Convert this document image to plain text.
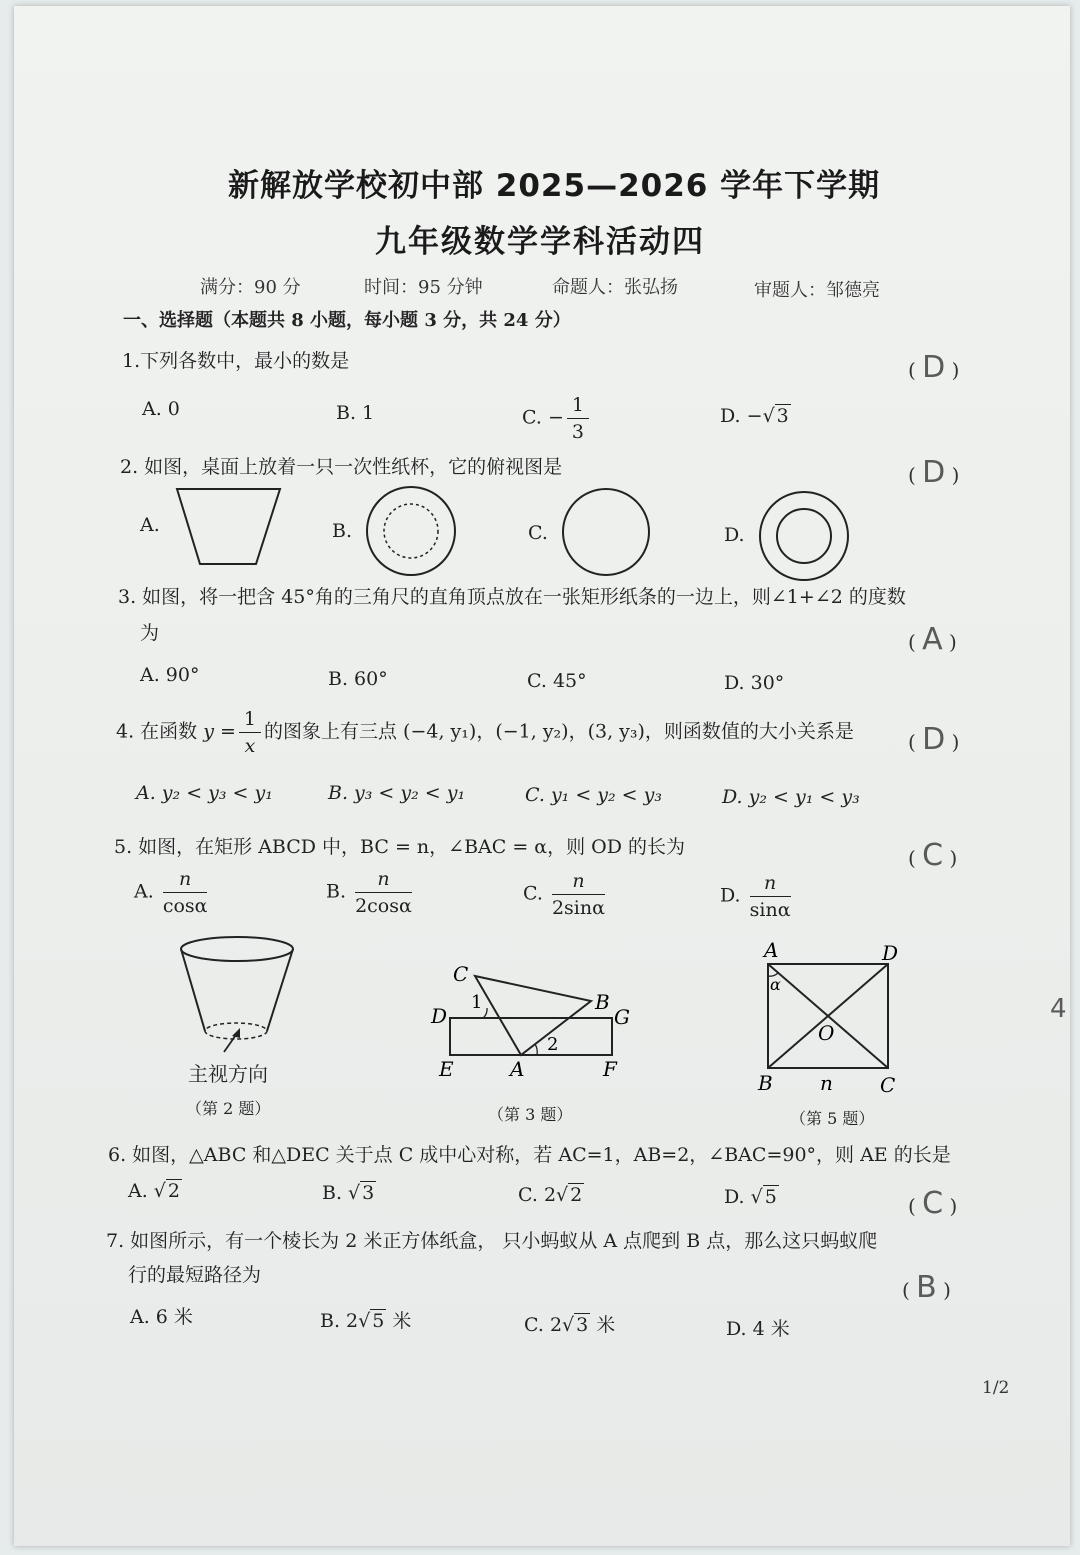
新解放学校初中部 2025—2026 学年下学期
九年级数学学科活动四
满分：90 分	时间：95 分钟	命题人：张弘扬	审题人：邹德亮
一、选择题（本题共 8 小题，每小题 3 分，共 24 分）
1.下列各数中，最小的数是	( D )
A. 0	B. 1	C. − $\frac{1}{3}$	D. −√ 3
2. 如图，桌面上放着一只一次性纸杯，它的俯视图是	( D )
A.	B.	C.	D.
3. 如图，将一把含 45°角的三角尺的直角顶点放在一张矩形纸条的一边上，则∠1+∠2 的度数
为	( A )
A. 90°	B. 60°	C. 45°	D. 30°
4. 在函数 $y = \frac{1}{x}$ 的图象上有三点 (−4, y₁)，(−1, y₂)，(3, y₃)，则函数值的大小关系是	( D )
A. y₂ < y₃ < y₁	B. y₃ < y₂ < y₁	C. y₁ < y₂ < y₃	D. y₂ < y₁ < y₃
5. 如图，在矩形 ABCD 中，BC = n，∠BAC = α，则 OD 的长为	( C )
A. $\frac{n}{\cos\alpha}$	B. $\frac{n}{2\cos\alpha}$	C. $\frac{n}{2\sin\alpha}$	D. $\frac{n}{\sin\alpha}$
主视方向
（第 2 题）
C
B
D	G
E	A	F
1
2
（第 3 题）
A	D
B	C
O
n
α
（第 5 题）
6. 如图，△ABC 和△DEC 关于点 C 成中心对称，若 AC=1，AB=2，∠BAC=90°，则 AE 的长是
A. √ 2	B. √ 3	C. 2√ 2	D. √ 5	( C )
7. 如图所示，有一个棱长为 2 米正方体纸盒， 只小蚂蚁从 A 点爬到 B 点，那么这只蚂蚁爬
行的最短路径为
( B )
A. 6 米	B. 2√ 5 米	C. 2√ 3 米	D. 4 米
4
1/2
